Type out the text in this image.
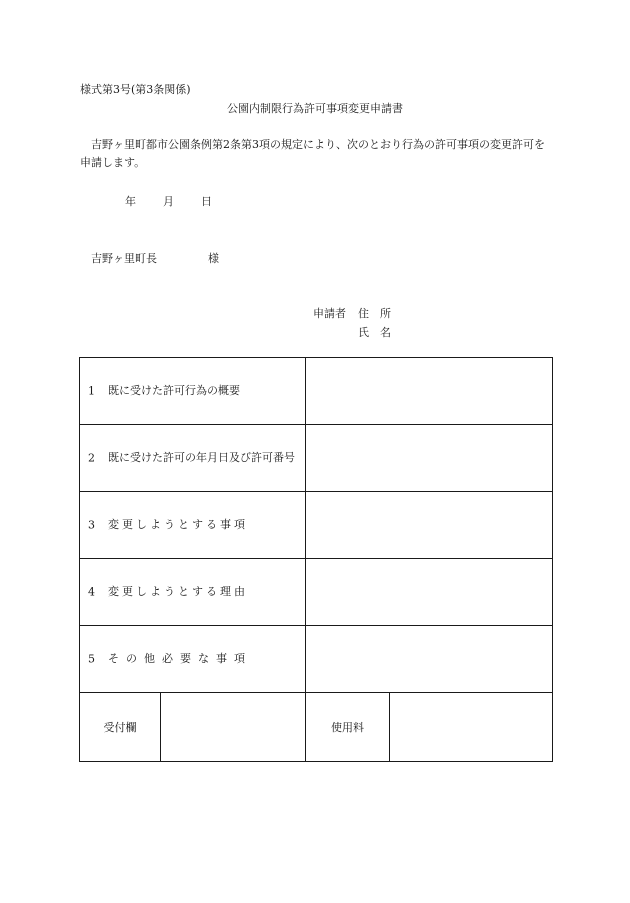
様式第3号(第3条関係)
公園内制限行為許可事項変更申請書
吉野ヶ里町都市公園条例第2条第3項の規定により、次のとおり行為の許可事項の変更許可を申請します。
年 月 日
吉野ヶ里町長	様
申請者 住　所
氏　名
1 既に受けた許可行為の概要			

2 既に受けた許可の年月日及び許可番号			

3 変更しようとする事項			

4 変更しようとする理由			

5 その他必要な事項			

受付欄		使用料	
